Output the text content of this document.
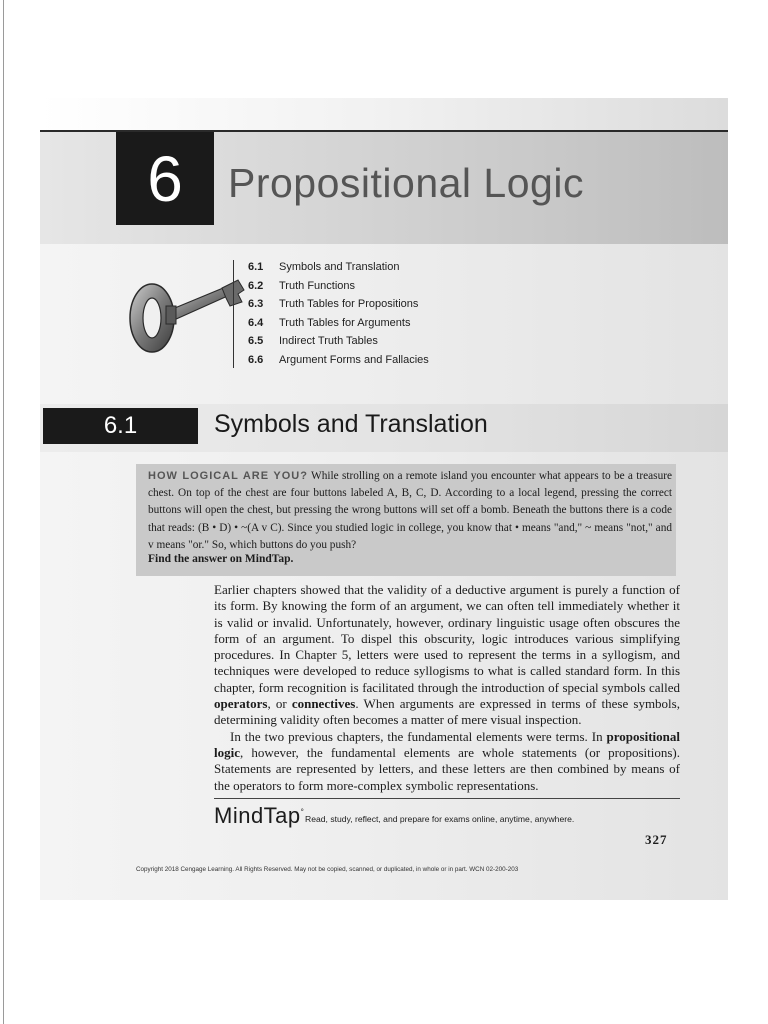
6	Propositional Logic
6.1 Symbols and Translation
6.2 Truth Functions
6.3 Truth Tables for Propositions
6.4 Truth Tables for Arguments
6.5 Indirect Truth Tables
6.6 Argument Forms and Fallacies
6.1	Symbols and Translation
HOW LOGICAL ARE YOU? While strolling on a remote island you encounter what appears to be a treasure chest. On top of the chest are four buttons labeled A, B, C, D. According to a local legend, pressing the correct buttons will open the chest, but pressing the wrong buttons will set off a bomb. Beneath the buttons there is a code that reads: (B • D) • ~(A v C). Since you studied logic in college, you know that • means "and," ~ means "not," and v means "or." So, which buttons do you push?
Find the answer on MindTap.

Earlier chapters showed that the validity of a deductive argument is purely a function of its form. By knowing the form of an argument, we can often tell immediately whether it is valid or invalid. Unfortunately, however, ordinary linguistic usage often obscures the form of an argument. To dispel this obscurity, logic introduces various simplifying procedures. In Chapter 5, letters were used to represent the terms in a syllogism, and techniques were developed to reduce syllogisms to what is called standard form. In this chapter, form recognition is facilitated through the introduction of special symbols called operators, or connectives. When arguments are expressed in terms of these symbols, determining validity often becomes a matter of mere visual inspection.

In the two previous chapters, the fundamental elements were terms. In propositional logic, however, the fundamental elements are whole statements (or propositions). Statements are represented by letters, and these letters are then combined by means of the operators to form more-complex symbolic representations.

MindTap°
Read, study, reflect, and prepare for exams online, anytime, anywhere.
327
Copyright 2018 Cengage Learning. All Rights Reserved. May not be copied, scanned, or duplicated, in whole or in part. WCN 02-200-203
